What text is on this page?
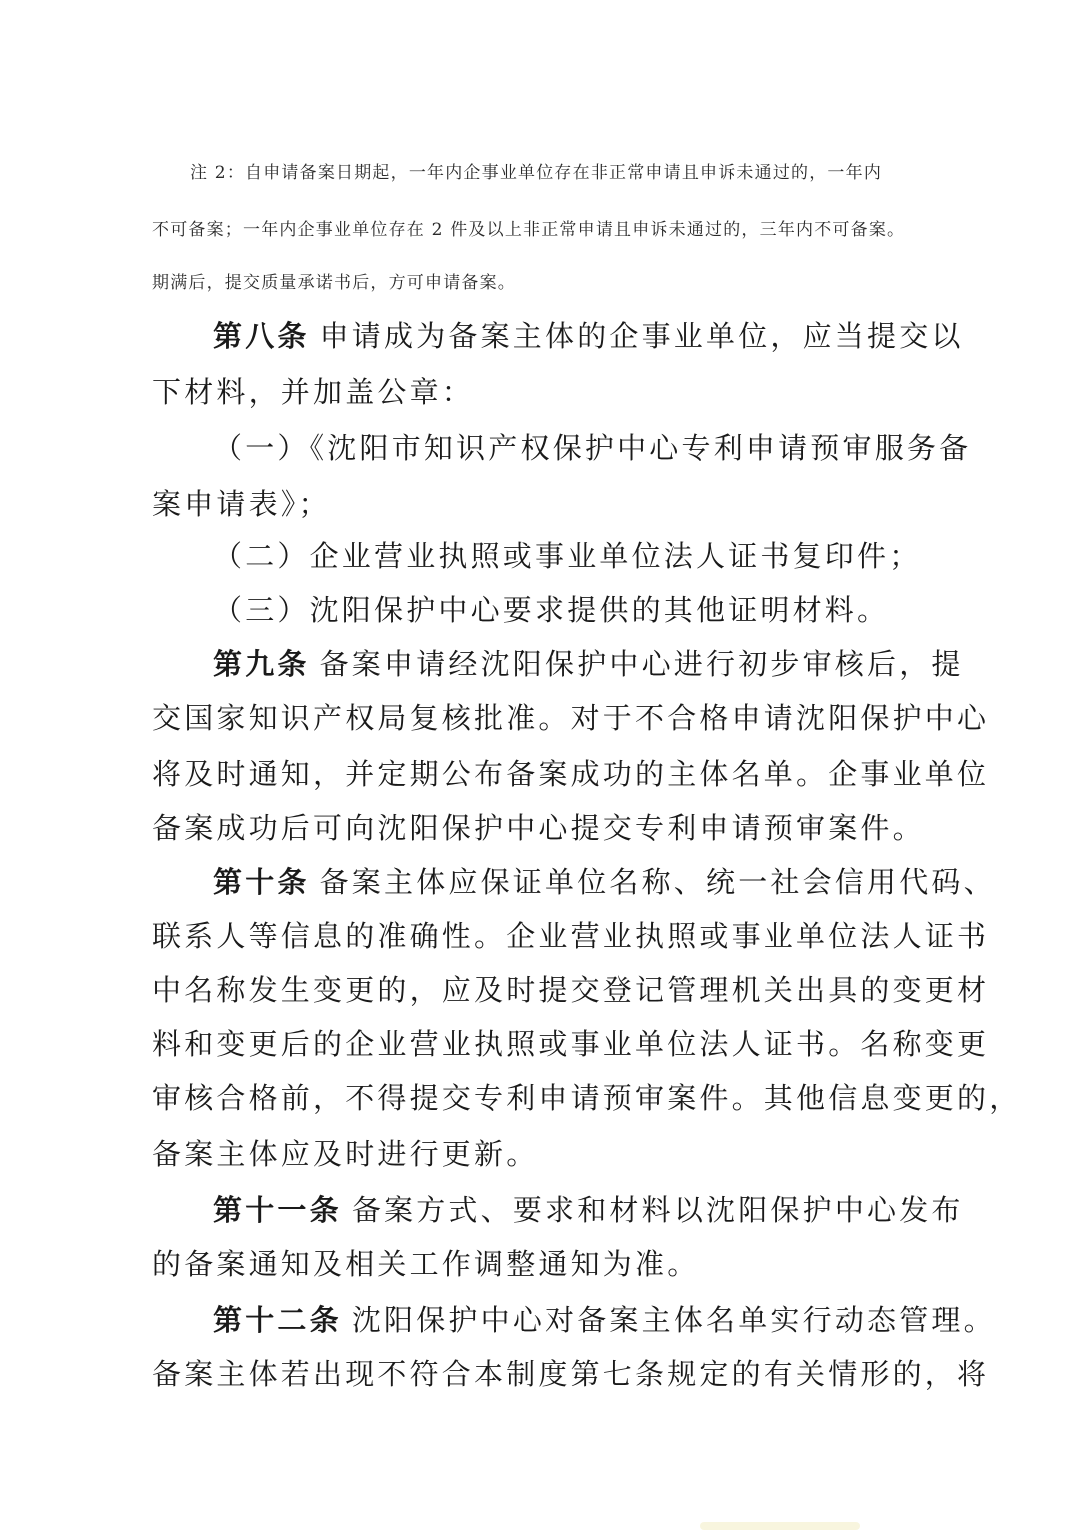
注 2：自申请备案日期起，一年内企事业单位存在非正常申请且申诉未通过的，一年内
不可备案；一年内企事业单位存在 2 件及以上非正常申请且申诉未通过的，三年内不可备案。
期满后，提交质量承诺书后，方可申请备案。
第八条 申请成为备案主体的企事业单位，应当提交以
下材料，并加盖公章：
（一）《沈阳市知识产权保护中心专利申请预审服务备
案申请表》；
（二）企业营业执照或事业单位法人证书复印件；
（三）沈阳保护中心要求提供的其他证明材料。
第九条 备案申请经沈阳保护中心进行初步审核后，提
交国家知识产权局复核批准。对于不合格申请沈阳保护中心
将及时通知，并定期公布备案成功的主体名单。企事业单位
备案成功后可向沈阳保护中心提交专利申请预审案件。
第十条 备案主体应保证单位名称、统一社会信用代码、
联系人等信息的准确性。企业营业执照或事业单位法人证书
中名称发生变更的，应及时提交登记管理机关出具的变更材
料和变更后的企业营业执照或事业单位法人证书。名称变更
审核合格前，不得提交专利申请预审案件。其他信息变更的，
备案主体应及时进行更新。
第十一条 备案方式、要求和材料以沈阳保护中心发布
的备案通知及相关工作调整通知为准。
第十二条 沈阳保护中心对备案主体名单实行动态管理。
备案主体若出现不符合本制度第七条规定的有关情形的，将
